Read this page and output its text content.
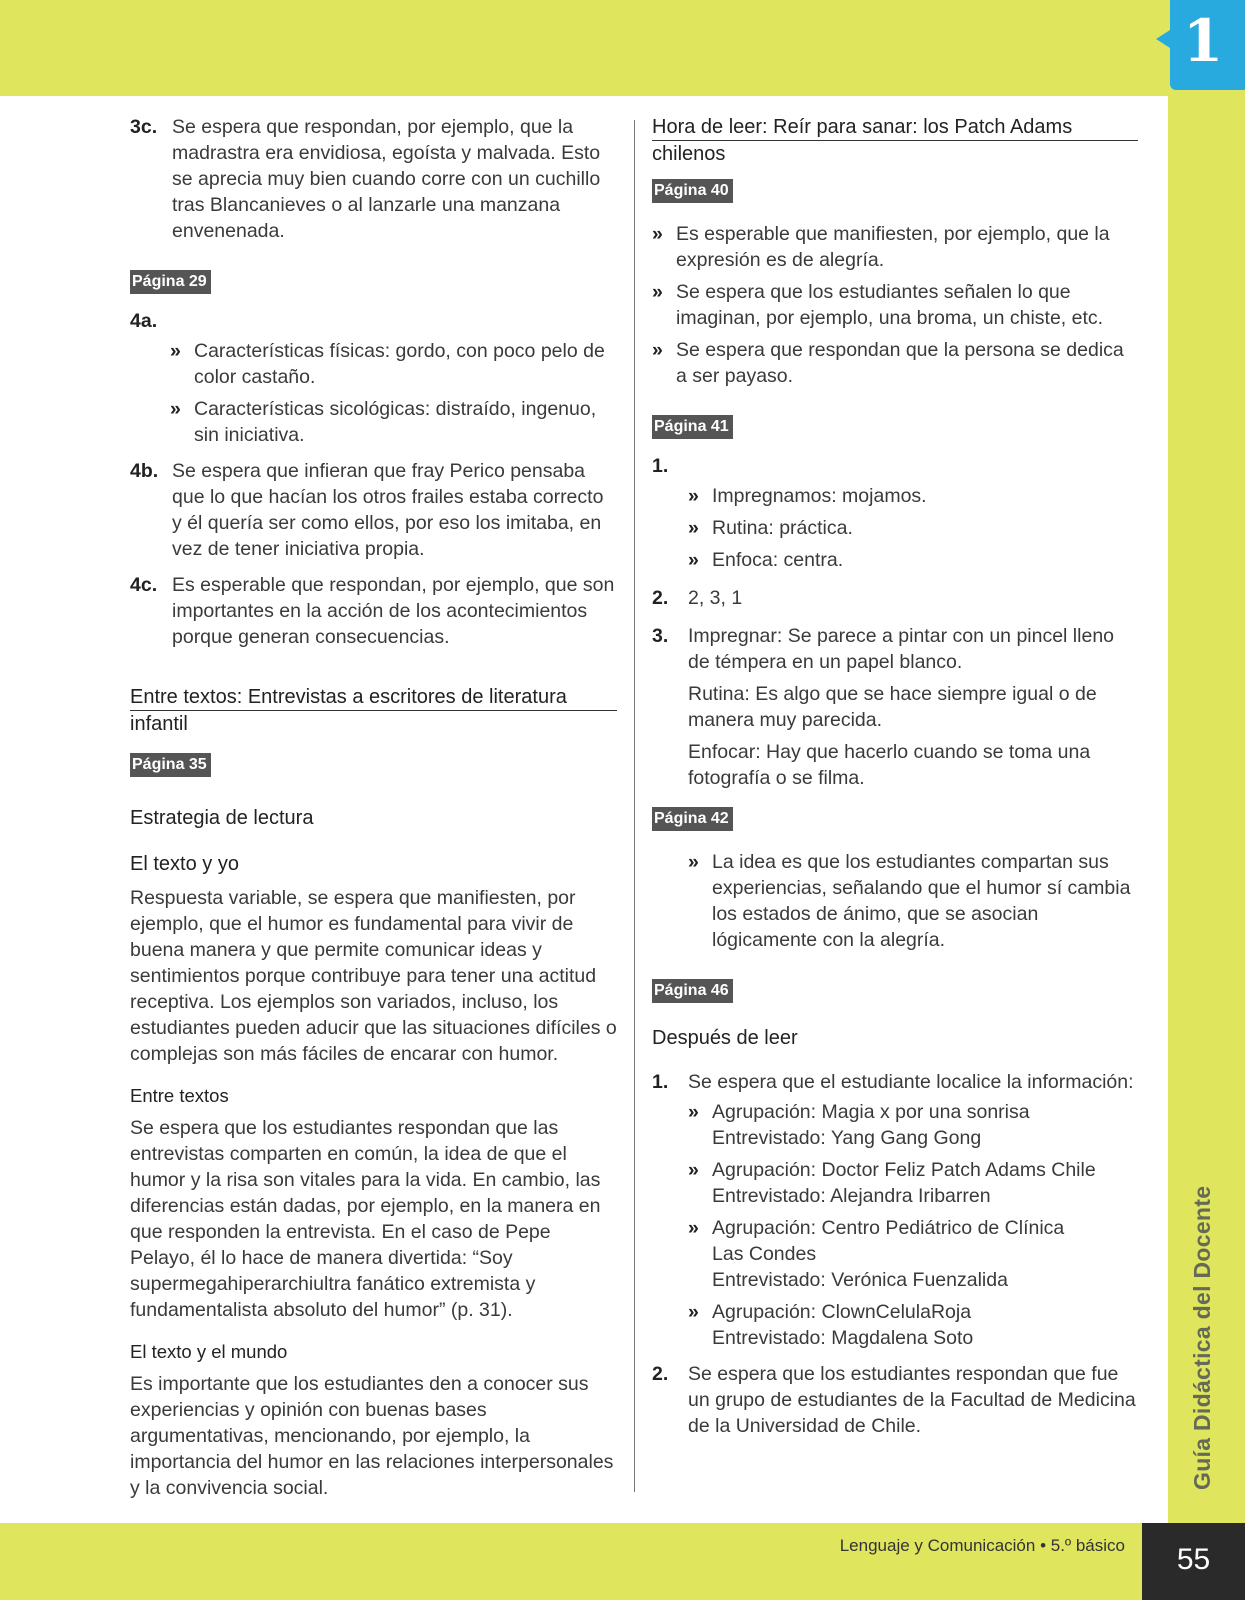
1
Guía Didáctica del Docente
Lenguaje y Comunicación • 5.º básico	55
3c. Se espera que respondan, por ejemplo, que la madrastra era envidiosa, egoísta y malvada. Esto se aprecia muy bien cuando corre con un cuchillo tras Blancanieves o al lanzarle una manzana envenenada.
Página 29
4a.
» Características físicas: gordo, con poco pelo de color castaño.
» Características sicológicas: distraído, ingenuo, sin iniciativa.
4b. Se espera que infieran que fray Perico pensaba que lo que hacían los otros frailes estaba correcto y él quería ser como ellos, por eso los imitaba, en vez de tener iniciativa propia.
4c. Es esperable que respondan, por ejemplo, que son importantes en la acción de los acontecimientos porque generan consecuencias.
Entre textos: Entrevistas a escritores de literatura
infantil
Página 35
Estrategia de lectura
El texto y yo

Respuesta variable, se espera que manifiesten, por ejemplo, que el humor es fundamental para vivir de buena manera y que permite comunicar ideas y sentimientos porque contribuye para tener una actitud receptiva. Los ejemplos son variados, incluso, los estudiantes pueden aducir que las situaciones difíciles o complejas son más fáciles de encarar con humor.

Entre textos

Se espera que los estudiantes respondan que las entrevistas comparten en común, la idea de que el humor y la risa son vitales para la vida. En cambio, las diferencias están dadas, por ejemplo, en la manera en que responden la entrevista. En el caso de Pepe Pelayo, él lo hace de manera divertida: “Soy supermegahiperarchiultra fanático extremista y fundamentalista absoluto del humor” (p. 31).

El texto y el mundo

Es importante que los estudiantes den a conocer sus experiencias y opinión con buenas bases argumentativas, mencionando, por ejemplo, la importancia del humor en las relaciones interpersonales y la convivencia social.

Hora de leer: Reír para sanar: los Patch Adams
chilenos
Página 40
» Es esperable que manifiesten, por ejemplo, que la expresión es de alegría.
» Se espera que los estudiantes señalen lo que imaginan, por ejemplo, una broma, un chiste, etc.
» Se espera que respondan que la persona se dedica a ser payaso.
Página 41
1.
» Impregnamos: mojamos.
» Rutina: práctica.
» Enfoca: centra.
2.	2, 3, 1
3.	Impregnar: Se parece a pintar con un pincel lleno de témpera en un papel blanco.

Rutina: Es algo que se hace siempre igual o de manera muy parecida.

Enfocar: Hay que hacerlo cuando se toma una fotografía o se filma.

Página 42
» La idea es que los estudiantes compartan sus experiencias, señalando que el humor sí cambia los estados de ánimo, que se asocian lógicamente con la alegría.
Página 46
Después de leer
1.	Se espera que el estudiante localice la información:
» Agrupación: Magia x por una sonrisa
Entrevistado: Yang Gang Gong
» Agrupación: Doctor Feliz Patch Adams Chile
Entrevistado: Alejandra Iribarren
» Agrupación: Centro Pediátrico de Clínica
Las Condes
Entrevistado: Verónica Fuenzalida
» Agrupación: ClownCelulaRoja
Entrevistado: Magdalena Soto
2.	Se espera que los estudiantes respondan que fue un grupo de estudiantes de la Facultad de Medicina de la Universidad de Chile.
